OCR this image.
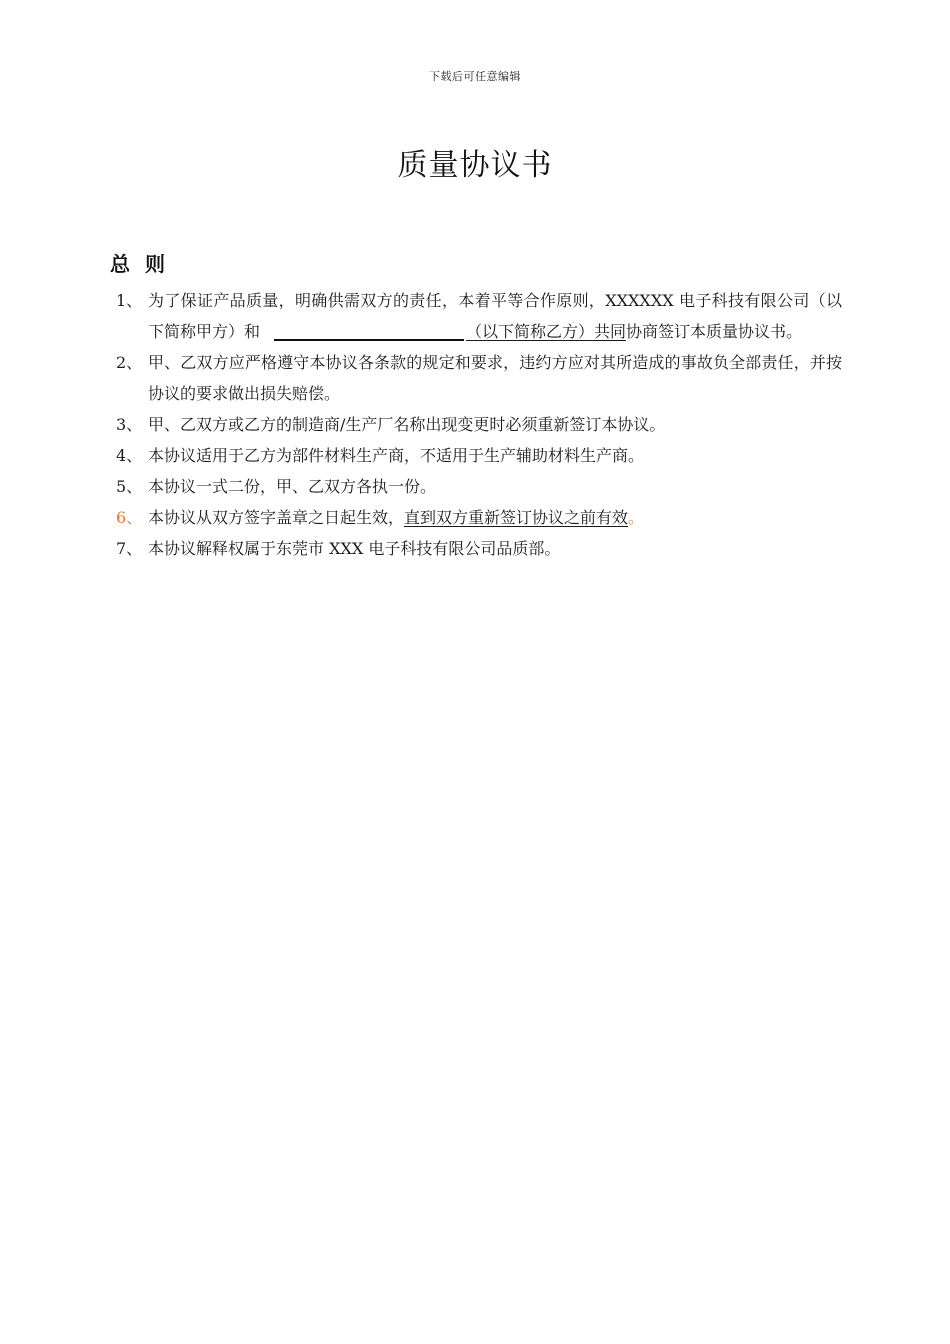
下载后可任意编辑
质量协议书
总 则
1、 为了保证产品质量，明确供需双方的责任，本着平等合作原则，XXXXXX 电子科技有限公司（以下简称甲方）和	（以下简称乙方）共同协商签订本质量协议书。
2、 甲、乙双方应严格遵守本协议各条款的规定和要求，违约方应对其所造成的事故负全部责任，并按协议的要求做出损失赔偿。
3、 甲、乙双方或乙方的制造商/生产厂名称出现变更时必须重新签订本协议。
4、 本协议适用于乙方为部件材料生产商，不适用于生产辅助材料生产商。
5、 本协议一式二份，甲、乙双方各执一份。
6、 本协议从双方签字盖章之日起生效，直到双方重新签订协议之前有效。
7、 本协议解释权属于东莞市 XXX 电子科技有限公司品质部。
